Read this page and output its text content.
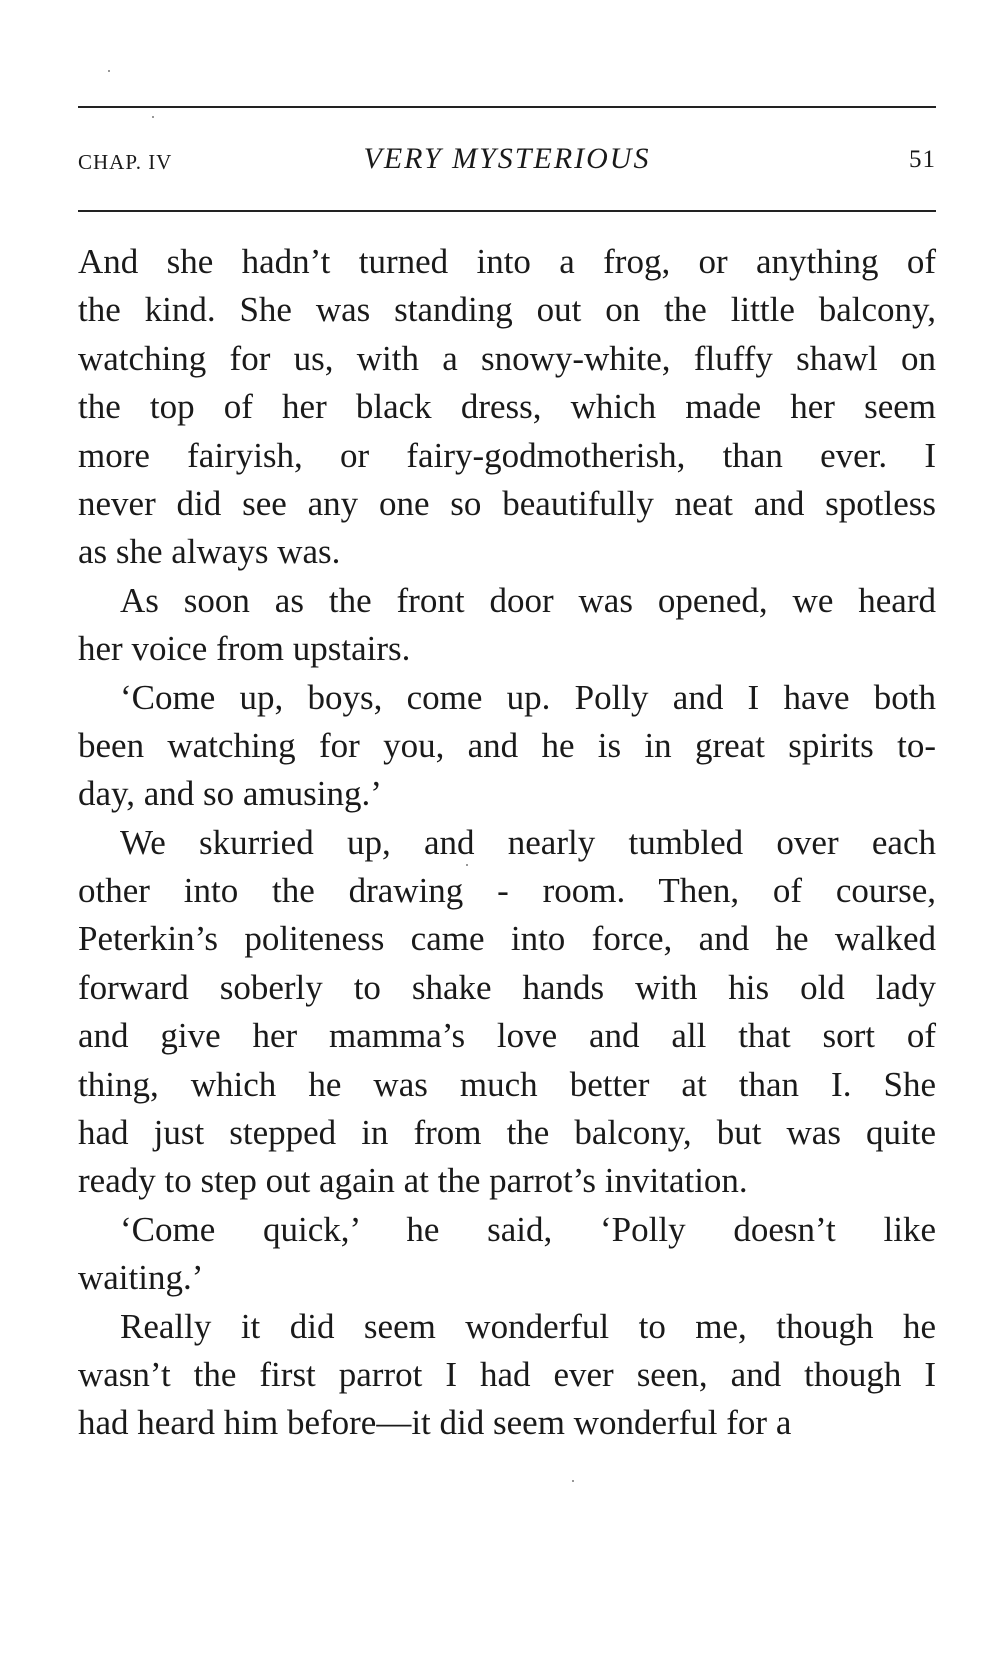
CHAP. IV	VERY MYSTERIOUS	51

And she hadn’t turned into a frog, or anything of
the kind. She was standing out on the little balcony,
watching for us, with a snowy-white, fluffy shawl on
the top of her black dress, which made her seem
more fairyish, or fairy-godmotherish, than ever. I
never did see any one so beautifully neat and spotless
as she always was.

As soon as the front door was opened, we heard
her voice from upstairs.

‘Come up, boys, come up. Polly and I have both
been watching for you, and he is in great spirits to-
day, and so amusing.’

We skurried up, and nearly tumbled over each
other into the drawing - room. Then, of course,
Peterkin’s politeness came into force, and he walked
forward soberly to shake hands with his old lady
and give her mamma’s love and all that sort of
thing, which he was much better at than I. She
had just stepped in from the balcony, but was quite
ready to step out again at the parrot’s invitation.

‘Come quick,’ he said, ‘Polly doesn’t like
waiting.’

Really it did seem wonderful to me, though he
wasn’t the first parrot I had ever seen, and though I
had heard him before—it did seem wonderful for a
